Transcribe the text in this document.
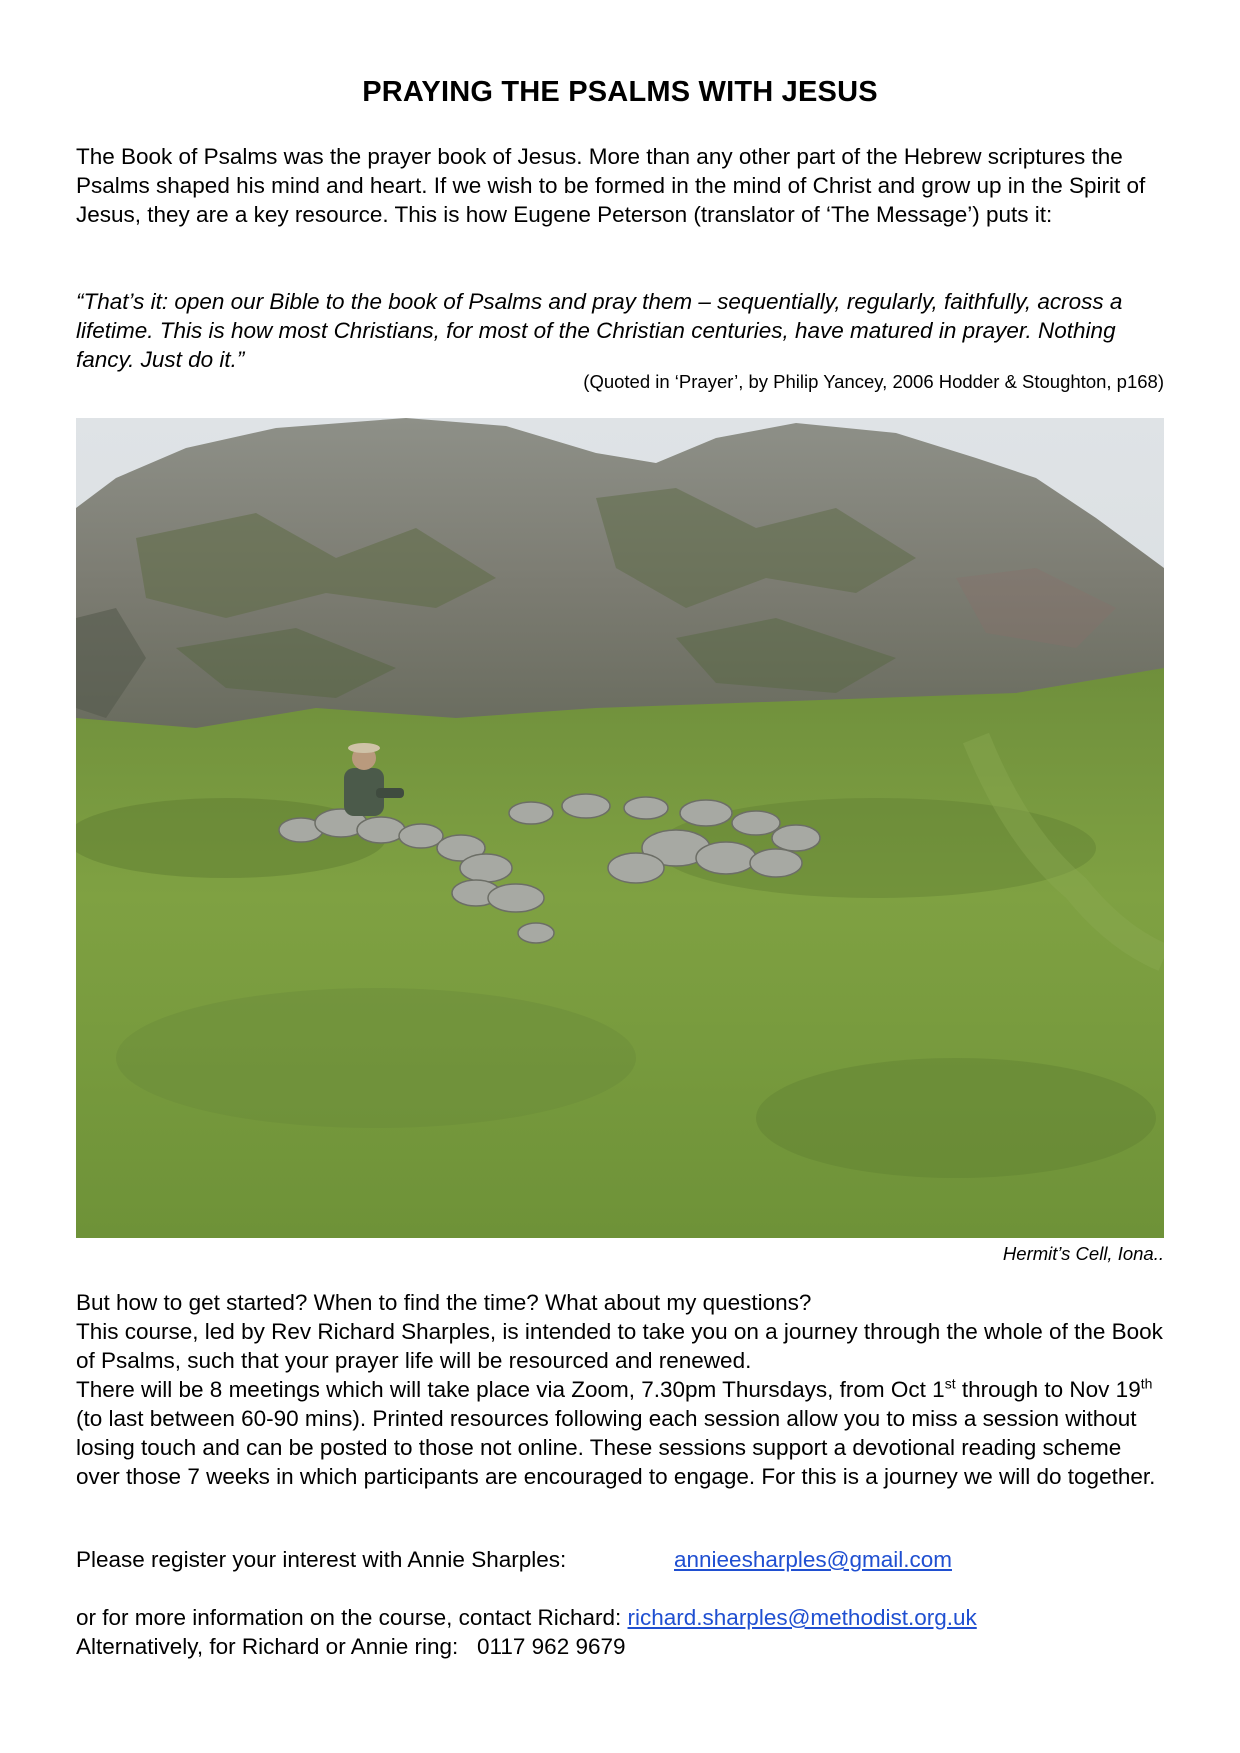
PRAYING THE PSALMS WITH JESUS

The Book of Psalms was the prayer book of Jesus. More than any other part of the Hebrew scriptures the Psalms shaped his mind and heart. If we wish to be formed in the mind of Christ and grow up in the Spirit of Jesus, they are a key resource. This is how Eugene Peterson (translator of ‘The Message’) puts it:

“That’s it: open our Bible to the book of Psalms and pray them – sequentially, regularly, faithfully, across a lifetime. This is how most Christians, for most of the Christian centuries, have matured in prayer. Nothing fancy. Just do it.”

(Quoted in ‘Prayer’, by Philip Yancey, 2006 Hodder & Stoughton, p168)
Hermit’s Cell, Iona..

But how to get started? When to find the time? What about my questions?

This course, led by Rev Richard Sharples, is intended to take you on a journey through the whole of the Book of Psalms, such that your prayer life will be resourced and renewed.

There will be 8 meetings which will take place via Zoom, 7.30pm Thursdays, from Oct 1st through to Nov 19th (to last between 60-90 mins). Printed resources following each session allow you to miss a session without losing touch and can be posted to those not online. These sessions support a devotional reading scheme over those 7 weeks in which participants are encouraged to engage. For this is a journey we will do together.

Please register your interest with Annie Sharples:	annieesharples@gmail.com

or for more information on the course, contact Richard: richard.sharples@methodist.org.uk

Alternatively, for Richard or Annie ring: 0117 962 9679
